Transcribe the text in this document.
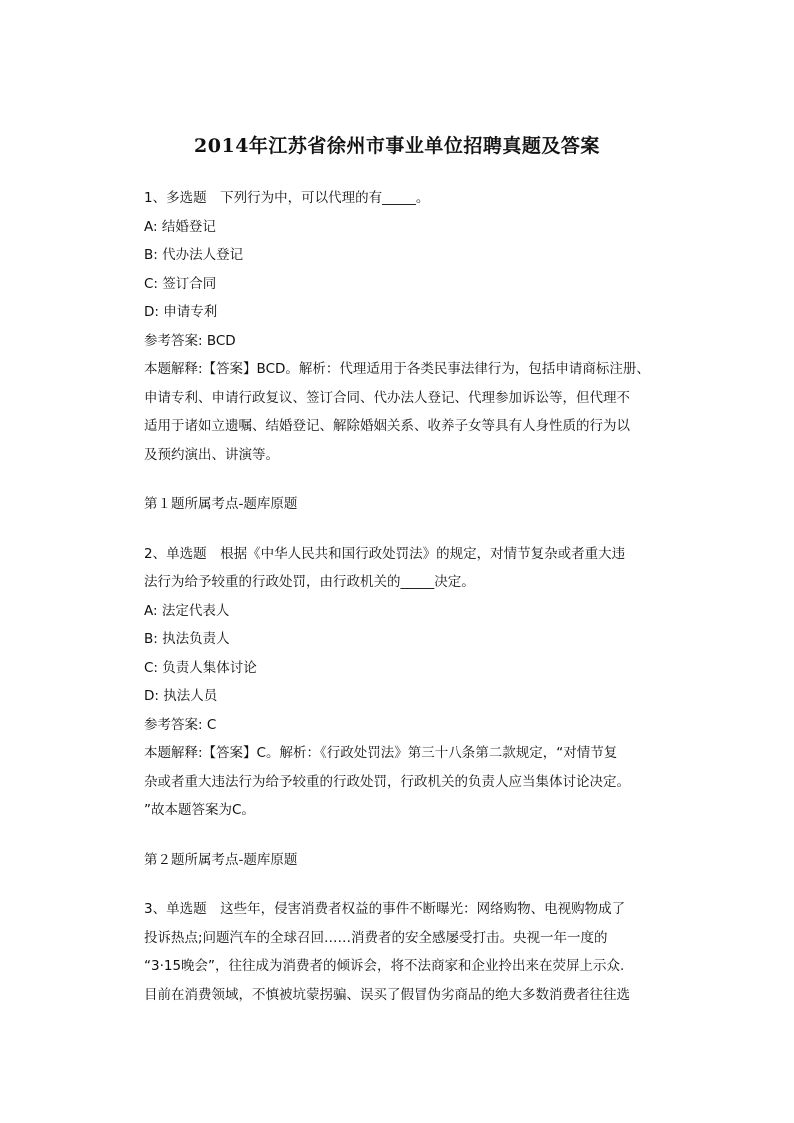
2014年江苏省徐州市事业单位招聘真题及答案
1、多选题　下列行为中，可以代理的有_____。
A: 结婚登记
B: 代办法人登记
C: 签订合同
D: 申请专利
参考答案: BCD
本题解释:【答案】BCD。解析：代理适用于各类民事法律行为，包括申请商标注册、
申请专利、申请行政复议、签订合同、代办法人登记、代理参加诉讼等，但代理不
适用于诸如立遗嘱、结婚登记、解除婚姻关系、收养子女等具有人身性质的行为以
及预约演出、讲演等。
第１题所属考点-题库原题
2、单选题　根据《中华人民共和国行政处罚法》的规定，对情节复杂或者重大违
法行为给予较重的行政处罚，由行政机关的_____决定。
A: 法定代表人
B: 执法负责人
C: 负责人集体讨论
D: 执法人员
参考答案: C
本题解释:【答案】C。解析：《行政处罚法》第三十八条第二款规定，“对情节复
杂或者重大违法行为给予较重的行政处罚，行政机关的负责人应当集体讨论决定。
”故本题答案为C。
第２题所属考点-题库原题
3、单选题　这些年，侵害消费者权益的事件不断曝光：网络购物、电视购物成了
投诉热点;问题汽车的全球召回……消费者的安全感屡受打击。央视一年一度的
“3·15晚会”，往往成为消费者的倾诉会，将不法商家和企业拎出来在荧屏上示众.
目前在消费领域，不慎被坑蒙拐骗、误买了假冒伪劣商品的绝大多数消费者往往选
